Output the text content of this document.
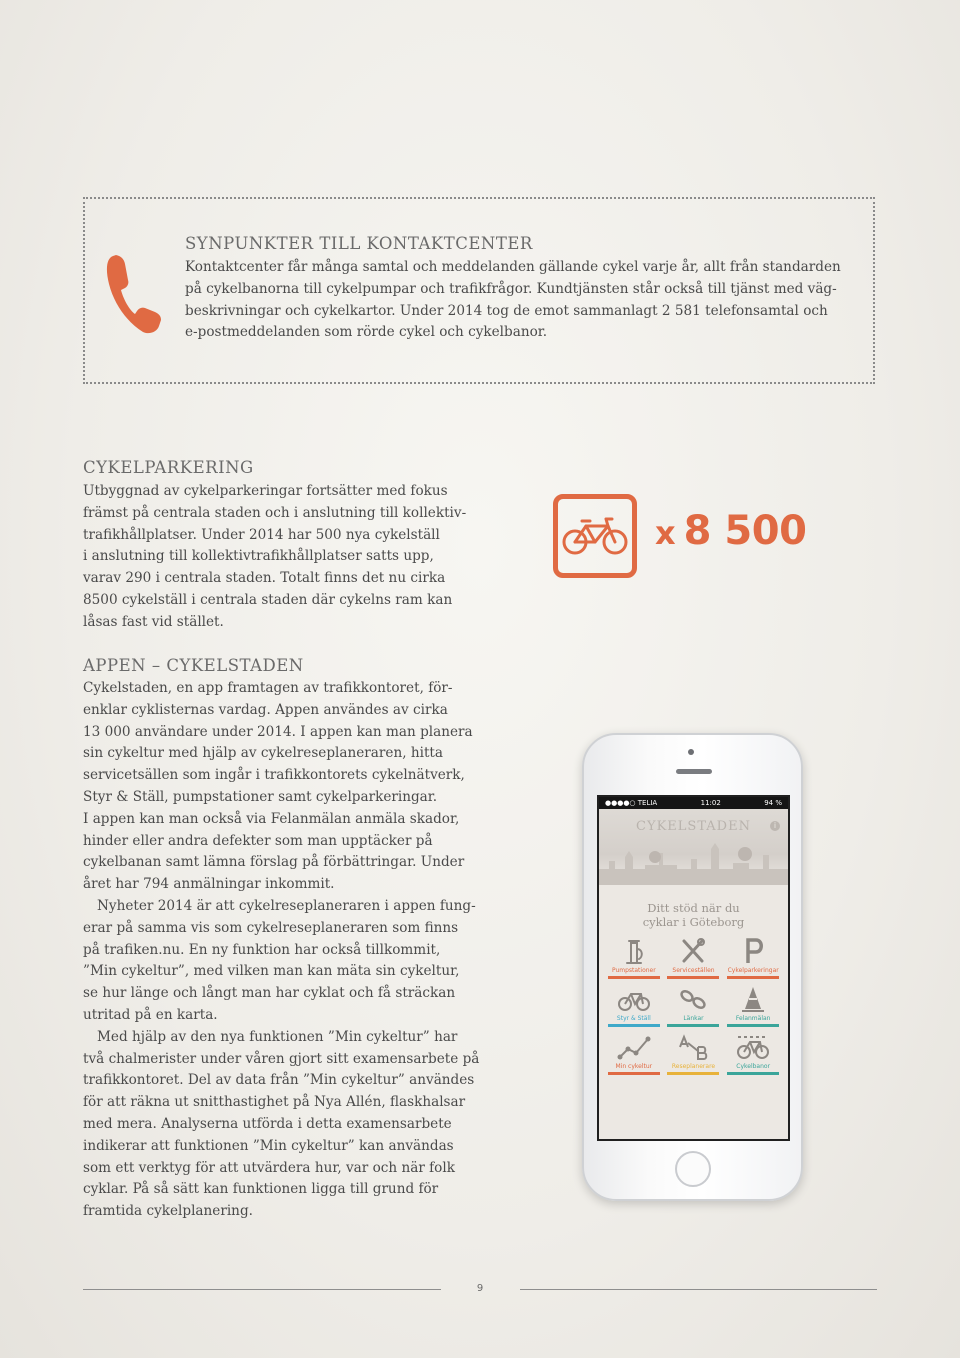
SYNPUNKTER TILL KONTAKTCENTER
Kontaktcenter får många samtal och meddelanden gällande cykel varje år, allt från standarden
på cykelbanorna till cykelpumpar och trafikfrågor. Kundtjänsten står också till tjänst med väg-
beskrivningar och cykelkartor. Under 2014 tog de emot sammanlagt 2 581 telefonsamtal och
e-postmeddelanden som rörde cykel och cykelbanor.
CYKELPARKERING
Utbyggnad av cykelparkeringar fortsätter med fokus
främst på centrala staden och i anslutning till kollektiv-
trafikhållplatser. Under 2014 har 500 nya cykelställ
i anslutning till kollektivtrafikhållplatser satts upp,
varav 290 i centrala staden. Totalt finns det nu cirka
8500 cykelställ i centrala staden där cykelns ram kan
låsas fast vid stället.
x 8 500
APPEN – CYKELSTADEN

Cykelstaden, en app framtagen av trafikkontoret, för-
enklar cyklisternas vardag. Appen användes av cirka
13 000 användare under 2014. I appen kan man planera
sin cykeltur med hjälp av cykelreseplaneraren, hitta
servicetsällen som ingår i trafikkontorets cykelnätverk,
Styr & Ställ, pumpstationer samt cykelparkeringar.
I appen kan man också via Felanmälan anmäla skador,
hinder eller andra defekter som man upptäcker på
cykelbanan samt lämna förslag på förbättringar. Under
året har 794 anmälningar inkommit.

Nyheter 2014 är att cykelreseplaneraren i appen fung-
erar på samma vis som cykelreseplaneraren som finns
på trafiken.nu. En ny funktion har också tillkommit,
”Min cykeltur”, med vilken man kan mäta sin cykeltur,
se hur länge och långt man har cyklat och få sträckan
utritad på en karta.

Med hjälp av den nya funktionen ”Min cykeltur” har
två chalmerister under våren gjort sitt examensarbete på
trafikkontoret. Del av data från ”Min cykeltur” användes
för att räkna ut snitthastighet på Nya Allén, flaskhalsar
med mera. Analyserna utförda i detta examensarbete
indikerar att funktionen ”Min cykeltur” kan användas
som ett verktyg för att utvärdera hur, var och när folk
cyklar. På så sätt kan funktionen ligga till grund för
framtida cykelplanering.

●●●●○ TELIA	11:02	94 %
CYKELSTADEN	i
Ditt stöd när du
cyklar i Göteborg
Pumpstationer	Serviceställen Cykelparkeringar
Styr & Ställ	Länkar	Felanmälan
Min cykeltur	Reseplanerare	Cykelbanor
9
